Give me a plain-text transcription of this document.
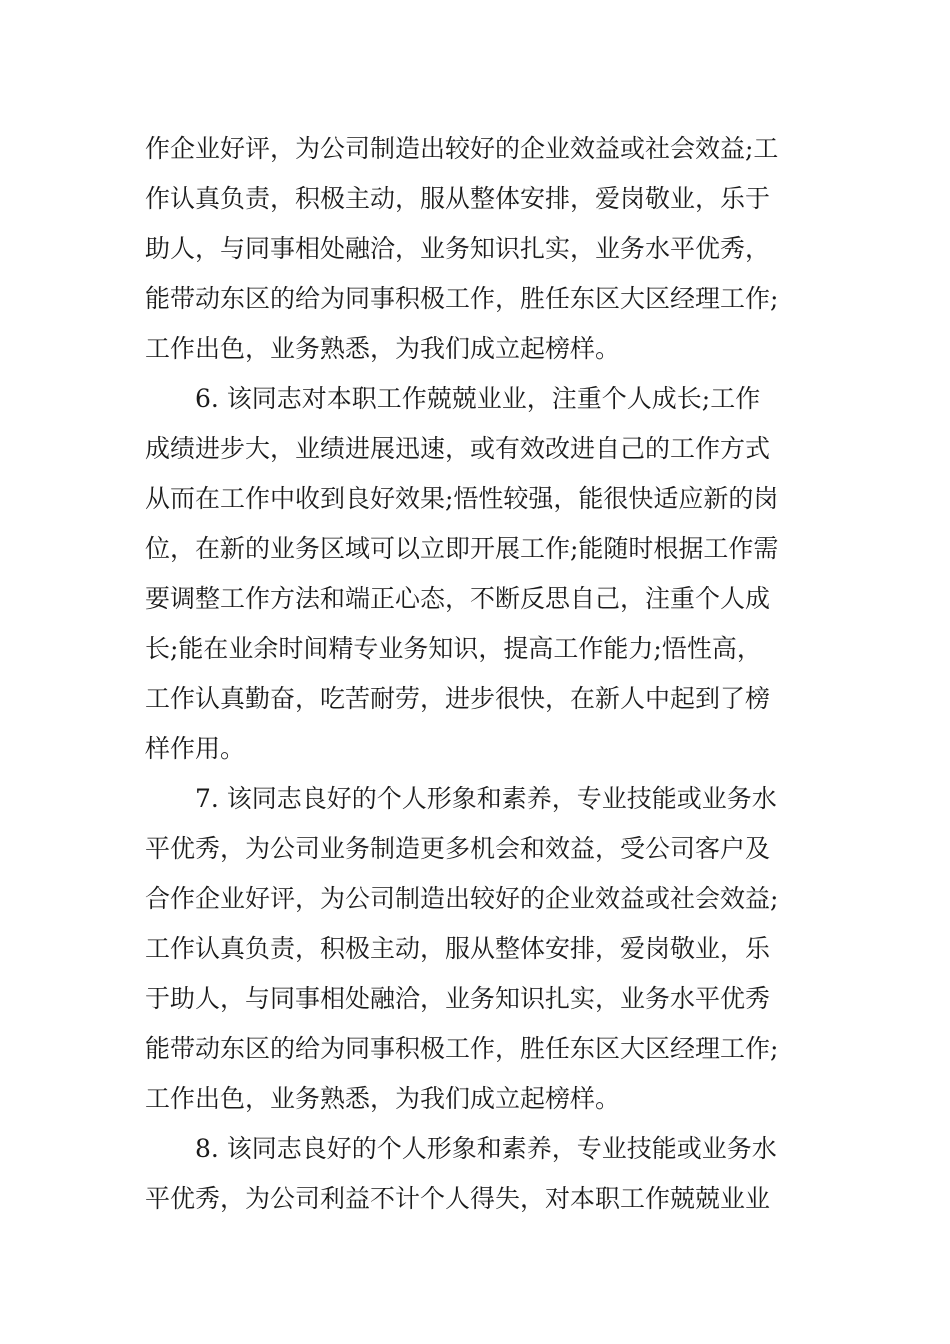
作企业好评，为公司制造出较好的企业效益或社会效益;工
作认真负责，积极主动，服从整体安排，爱岗敬业，乐于
助人，与同事相处融洽，业务知识扎实，业务水平优秀，
能带动东区的给为同事积极工作，胜任东区大区经理工作;
工作出色，业务熟悉，为我们成立起榜样。
6. 该同志对本职工作兢兢业业，注重个人成长;工作
成绩进步大，业绩进展迅速，或有效改进自己的工作方式
从而在工作中收到良好效果;悟性较强，能很快适应新的岗
位，在新的业务区域可以立即开展工作;能随时根据工作需
要调整工作方法和端正心态，不断反思自己，注重个人成
长;能在业余时间精专业务知识，提高工作能力;悟性高，
工作认真勤奋，吃苦耐劳，进步很快，在新人中起到了榜
样作用。
7. 该同志良好的个人形象和素养，专业技能或业务水
平优秀，为公司业务制造更多机会和效益，受公司客户及
合作企业好评，为公司制造出较好的企业效益或社会效益;
工作认真负责，积极主动，服从整体安排，爱岗敬业，乐
于助人，与同事相处融洽，业务知识扎实，业务水平优秀
能带动东区的给为同事积极工作，胜任东区大区经理工作;
工作出色，业务熟悉，为我们成立起榜样。
8. 该同志良好的个人形象和素养，专业技能或业务水
平优秀，为公司利益不计个人得失，对本职工作兢兢业业
